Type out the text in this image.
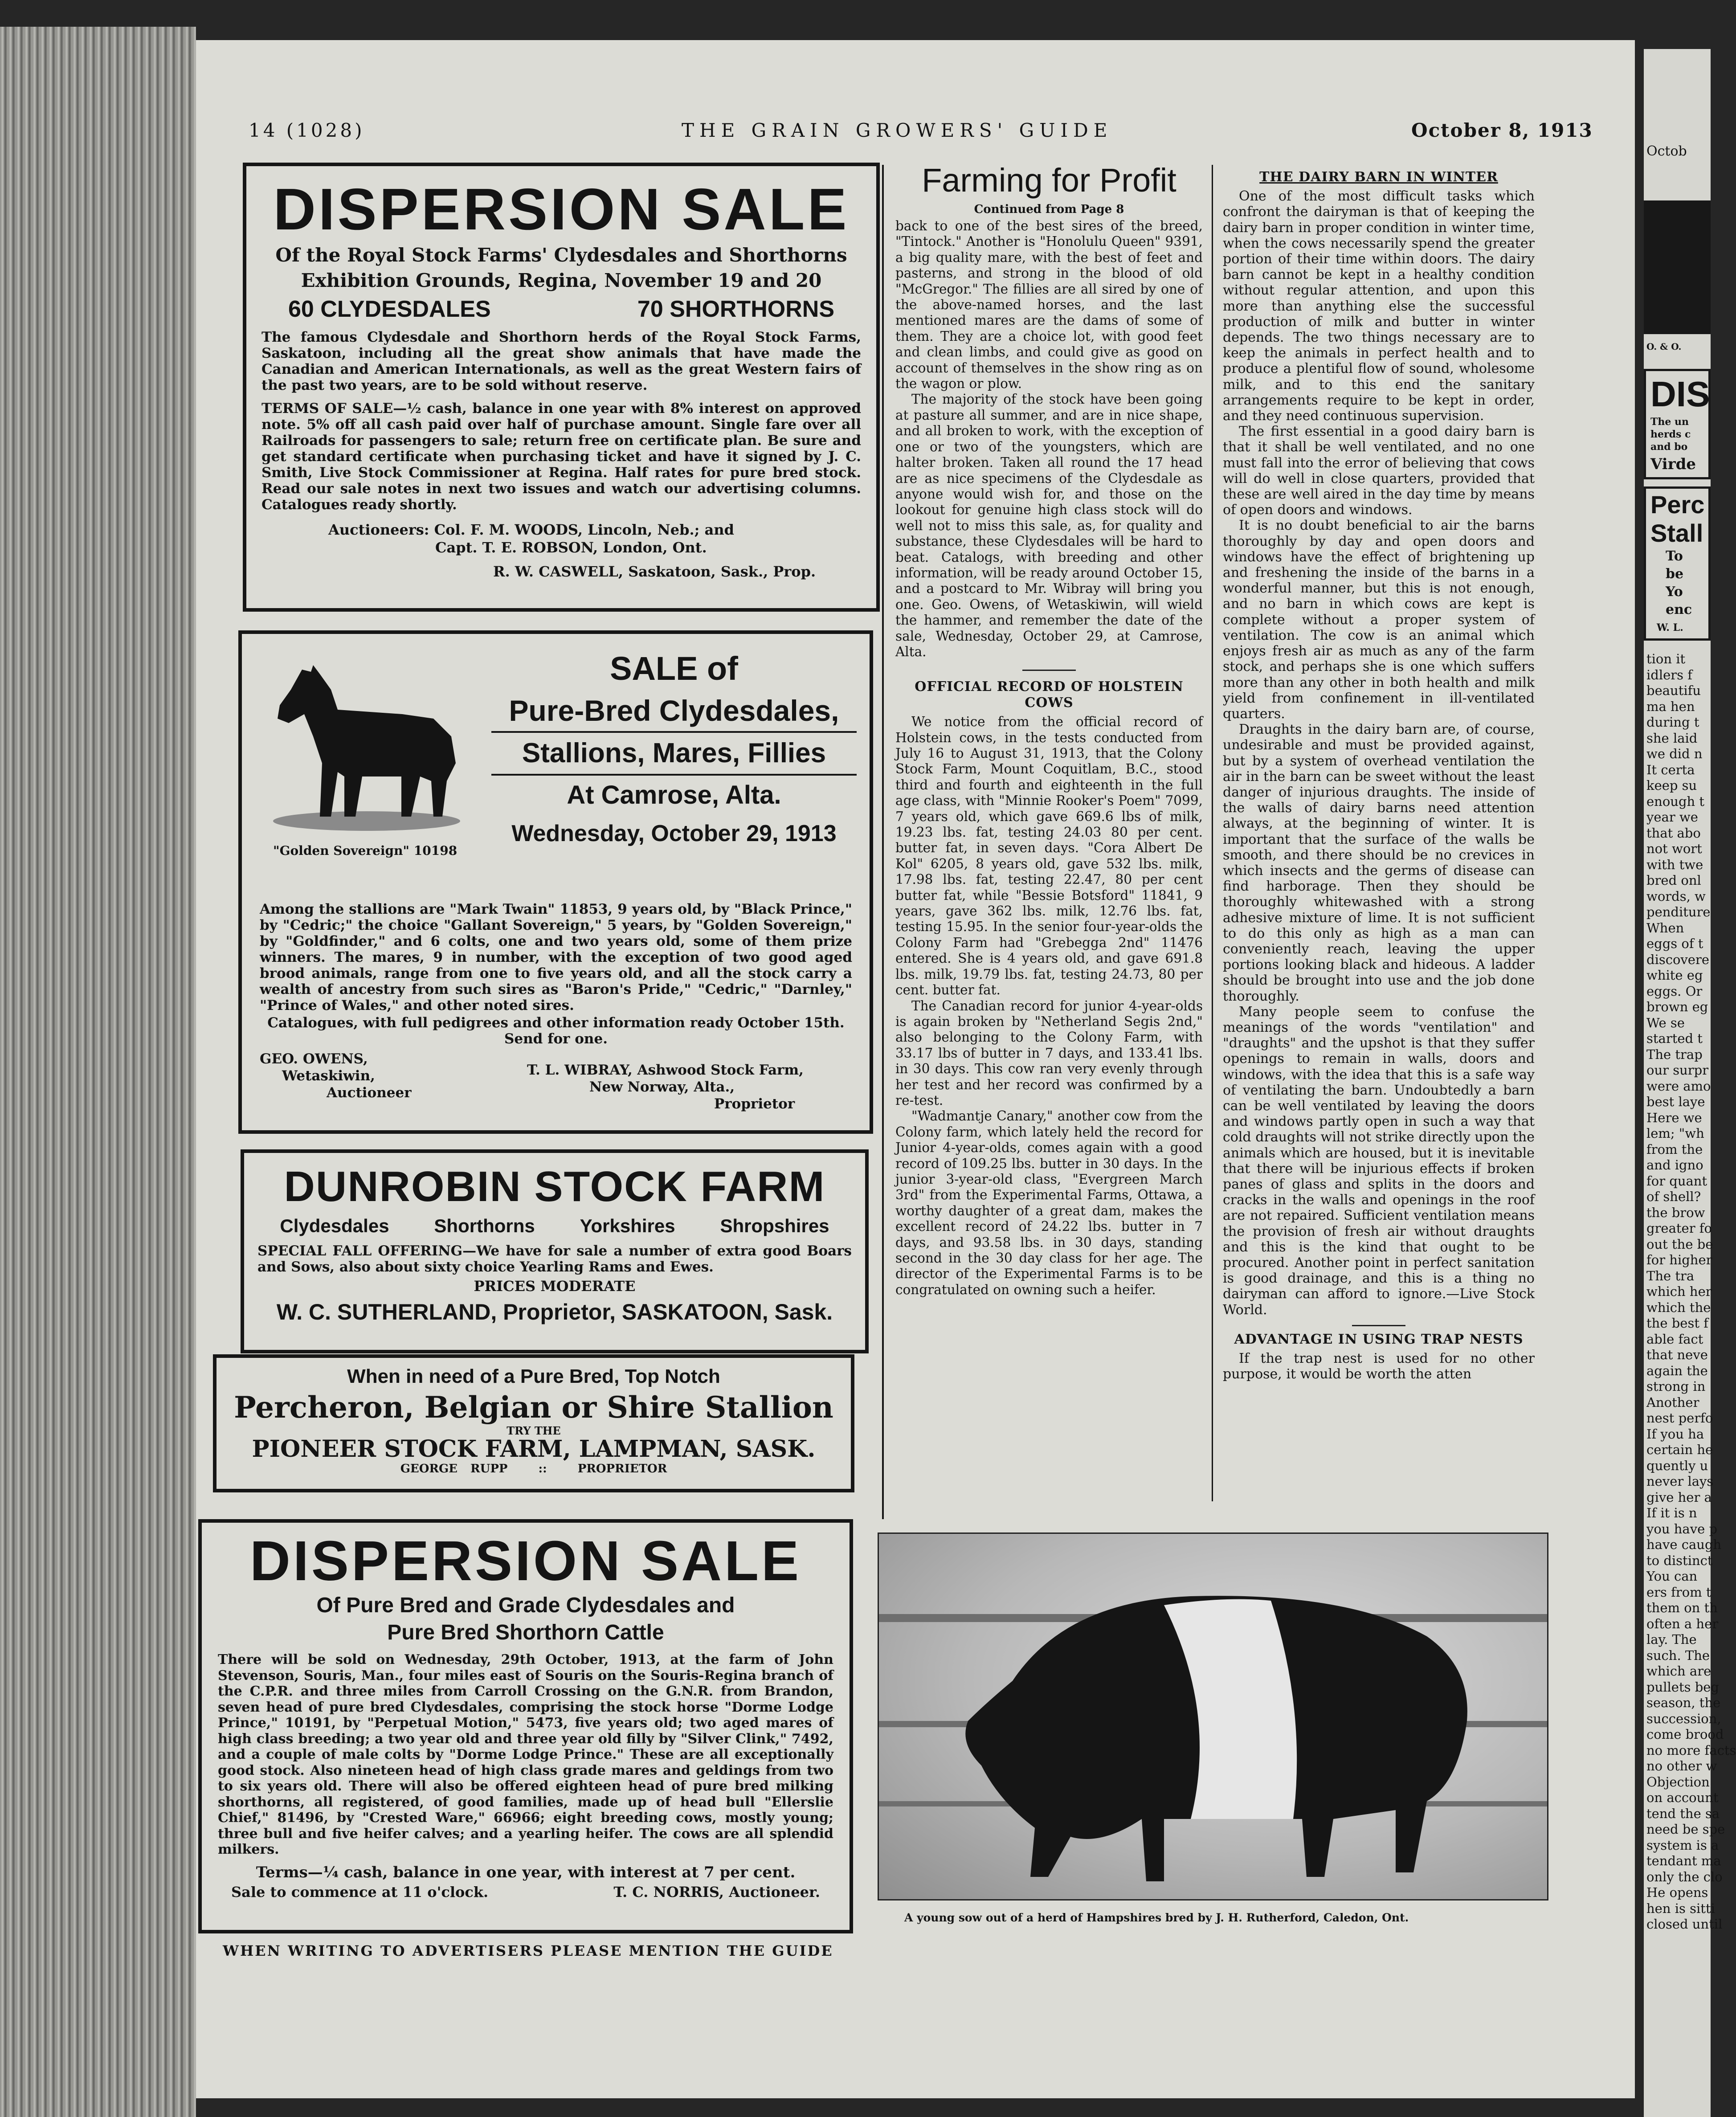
14 (1028)	THE GRAIN GROWERS' GUIDE	October 8, 1913
DISPERSION SALE
Of the Royal Stock Farms' Clydesdales and Shorthorns
Exhibition Grounds, Regina, November 19 and 20
60 CLYDESDALES	70 SHORTHORNS
The famous Clydesdale and Shorthorn herds of the Royal Stock Farms, Saskatoon, including all the great show animals that have made the Canadian and American Internationals, as well as the great Western fairs of the past two years, are to be sold without reserve.
TERMS OF SALE—½ cash, balance in one year with 8% interest on approved note. 5% off all cash paid over half of purchase amount. Single fare over all Railroads for passengers to sale; return free on certificate plan. Be sure and get standard certificate when purchasing ticket and have it signed by J. C. Smith, Live Stock Commissioner at Regina. Half rates for pure bred stock. Read our sale notes in next two issues and watch our advertising columns. Catalogues ready shortly.
Auctioneers: Col. F. M. WOODS, Lincoln, Neb.; and
Capt. T. E. ROBSON, London, Ont.
R. W. CASWELL, Saskatoon, Sask., Prop.
"Golden Sovereign" 10198
SALE of
Pure-Bred Clydesdales,
Stallions, Mares, Fillies
At Camrose, Alta.
Wednesday, October 29, 1913
Among the stallions are "Mark Twain" 11853, 9 years old, by "Black Prince," by "Cedric;" the choice "Gallant Sovereign," 5 years, by "Golden Sovereign," by "Goldfinder," and 6 colts, one and two years old, some of them prize winners. The mares, 9 in number, with the exception of two good aged brood animals, range from one to five years old, and all the stock carry a wealth of ancestry from such sires as "Baron's Pride," "Cedric," "Darnley," "Prince of Wales," and other noted sires.
Catalogues, with full pedigrees and other information ready October 15th. Send for one.
GEO. OWENS,
Wetaskiwin,
Auctioneer
T. L. WIBRAY, Ashwood Stock Farm,
New Norway, Alta.,
Proprietor
DUNROBIN STOCK FARM
Clydesdales Shorthorns Yorkshires Shropshires
SPECIAL FALL OFFERING—We have for sale a number of extra good Boars and Sows, also about sixty choice Yearling Rams and Ewes.
PRICES MODERATE
W. C. SUTHERLAND, Proprietor, SASKATOON, Sask.
When in need of a Pure Bred, Top Notch
Percheron, Belgian or Shire Stallion
TRY THE
PIONEER STOCK FARM, LAMPMAN, SASK.
GEORGE RUPP	::	PROPRIETOR
DISPERSION SALE
Of Pure Bred and Grade Clydesdales and
Pure Bred Shorthorn Cattle
There will be sold on Wednesday, 29th October, 1913, at the farm of John Stevenson, Souris, Man., four miles east of Souris on the Souris-Regina branch of the C.P.R. and three miles from Carroll Crossing on the G.N.R. from Brandon, seven head of pure bred Clydesdales, comprising the stock horse "Dorme Lodge Prince," 10191, by "Perpetual Motion," 5473, five years old; two aged mares of high class breeding; a two year old and three year old filly by "Silver Clink," 7492, and a couple of male colts by "Dorme Lodge Prince." These are all exceptionally good stock. Also nineteen head of high class grade mares and geldings from two to six years old. There will also be offered eighteen head of pure bred milking shorthorns, all registered, of good families, made up of head bull "Ellerslie Chief," 81496, by "Crested Ware," 66966; eight breeding cows, mostly young; three bull and five heifer calves; and a yearling heifer. The cows are all splendid milkers.
Terms—¼ cash, balance in one year, with interest at 7 per cent.
Sale to commence at 11 o'clock.	T. C. NORRIS, Auctioneer.
WHEN WRITING TO ADVERTISERS PLEASE MENTION THE GUIDE
Farming for Profit
Continued from Page 8

back to one of the best sires of the breed, "Tintock." Another is "Honolulu Queen" 9391, a big quality mare, with the best of feet and pasterns, and strong in the blood of old "McGregor." The fillies are all sired by one of the above-named horses, and the last mentioned mares are the dams of some of them. They are a choice lot, with good feet and clean limbs, and could give as good on account of themselves in the show ring as on the wagon or plow.

The majority of the stock have been going at pasture all summer, and are in nice shape, and all broken to work, with the exception of one or two of the youngsters, which are halter broken. Taken all round the 17 head are as nice specimens of the Clydesdale as anyone would wish for, and those on the lookout for genuine high class stock will do well not to miss this sale, as, for quality and substance, these Clydesdales will be hard to beat. Catalogs, with breeding and other information, will be ready around October 15, and a postcard to Mr. Wibray will bring you one. Geo. Owens, of Wetaskiwin, will wield the hammer, and remember the date of the sale, Wednesday, October 29, at Camrose, Alta.

OFFICIAL RECORD OF HOLSTEIN COWS

We notice from the official record of Holstein cows, in the tests conducted from July 16 to August 31, 1913, that the Colony Stock Farm, Mount Coquitlam, B.C., stood third and fourth and eighteenth in the full age class, with "Minnie Rooker's Poem" 7099, 7 years old, which gave 669.6 lbs of milk, 19.23 lbs. fat, testing 24.03 80 per cent. butter fat, in seven days. "Cora Albert De Kol" 6205, 8 years old, gave 532 lbs. milk, 17.98 lbs. fat, testing 22.47, 80 per cent butter fat, while "Bessie Botsford" 11841, 9 years, gave 362 lbs. milk, 12.76 lbs. fat, testing 15.95. In the senior four-year-olds the Colony Farm had "Grebegga 2nd" 11476 entered. She is 4 years old, and gave 691.8 lbs. milk, 19.79 lbs. fat, testing 24.73, 80 per cent. butter fat.

The Canadian record for junior 4-year-olds is again broken by "Netherland Segis 2nd," also belonging to the Colony Farm, with 33.17 lbs of butter in 7 days, and 133.41 lbs. in 30 days. This cow ran very evenly through her test and her record was confirmed by a re-test.

"Wadmantje Canary," another cow from the Colony farm, which lately held the record for Junior 4-year-olds, comes again with a good record of 109.25 lbs. butter in 30 days. In the junior 3-year-old class, "Evergreen March 3rd" from the Experimental Farms, Ottawa, a worthy daughter of a great dam, makes the excellent record of 24.22 lbs. butter in 7 days, and 93.58 lbs. in 30 days, standing second in the 30 day class for her age. The director of the Experimental Farms is to be congratulated on owning such a heifer.

THE DAIRY BARN IN WINTER

One of the most difficult tasks which confront the dairyman is that of keeping the dairy barn in proper condition in winter time, when the cows necessarily spend the greater portion of their time within doors. The dairy barn cannot be kept in a healthy condition without regular attention, and upon this more than anything else the successful production of milk and butter in winter depends. The two things necessary are to keep the animals in perfect health and to produce a plentiful flow of sound, wholesome milk, and to this end the sanitary arrangements require to be kept in order, and they need continuous supervision.

The first essential in a good dairy barn is that it shall be well ventilated, and no one must fall into the error of believing that cows will do well in close quarters, provided that these are well aired in the day time by means of open doors and windows.

It is no doubt beneficial to air the barns thoroughly by day and open doors and windows have the effect of brightening up and freshening the inside of the barns in a wonderful manner, but this is not enough, and no barn in which cows are kept is complete without a proper system of ventilation. The cow is an animal which enjoys fresh air as much as any of the farm stock, and perhaps she is one which suffers more than any other in both health and milk yield from confinement in ill-ventilated quarters.

Draughts in the dairy barn are, of course, undesirable and must be provided against, but by a system of overhead ventilation the air in the barn can be sweet without the least danger of injurious draughts. The inside of the walls of dairy barns need attention always, at the beginning of winter. It is important that the surface of the walls be smooth, and there should be no crevices in which insects and the germs of disease can find harborage. Then they should be thoroughly whitewashed with a strong adhesive mixture of lime. It is not sufficient to do this only as high as a man can conveniently reach, leaving the upper portions looking black and hideous. A ladder should be brought into use and the job done thoroughly.

Many people seem to confuse the meanings of the words "ventilation" and "draughts" and the upshot is that they suffer openings to remain in walls, doors and windows, with the idea that this is a safe way of ventilating the barn. Undoubtedly a barn can be well ventilated by leaving the doors and windows partly open in such a way that cold draughts will not strike directly upon the animals which are housed, but it is inevitable that there will be injurious effects if broken panes of glass and splits in the doors and cracks in the walls and openings in the roof are not repaired. Sufficient ventilation means the provision of fresh air without draughts and this is the kind that ought to be procured. Another point in perfect sanitation is good drainage, and this is a thing no dairyman can afford to ignore.—Live Stock World.

ADVANTAGE IN USING TRAP NESTS

If the trap nest is used for no other purpose, it would be worth the atten

A young sow out of a herd of Hampshires bred by J. H. Rutherford, Caledon, Ont.
Octob
O. & O.
DIS
The un
herds c
and bo
Virde
Perc
Stall
To
be
Yo
enc
W. L.
tion it
idlers f
beautifu
ma hen
during t
she laid
we did n
It certa
keep su
enough t
year we
that abo
not wort
with twe
bred onl
words, w
penditure
When
eggs of t
discovere
white eg
eggs. Or
brown eg
We se
started t
The trap
our surpr
were amo
best laye
Here we
lem; "wh
from the
and igno
for quant
of shell?
the brow
greater fo
out the be
for higher
The tra
which her
which the
the best f
able fact
that neve
again the
strong in
Another
nest perfo
If you ha
certain he
quently u
never lays
give her a
If it is n
you have p
have caugh
to distinct
You can
ers from t
them on th
often a her
lay. The
such. The
which are
pullets beg
season, the
succession,
come brood
no more facts
no other w
Objection
on account
tend the sa
need be spe
system is a
tendant ma
only the clo
He opens
hen is sitti
closed until
